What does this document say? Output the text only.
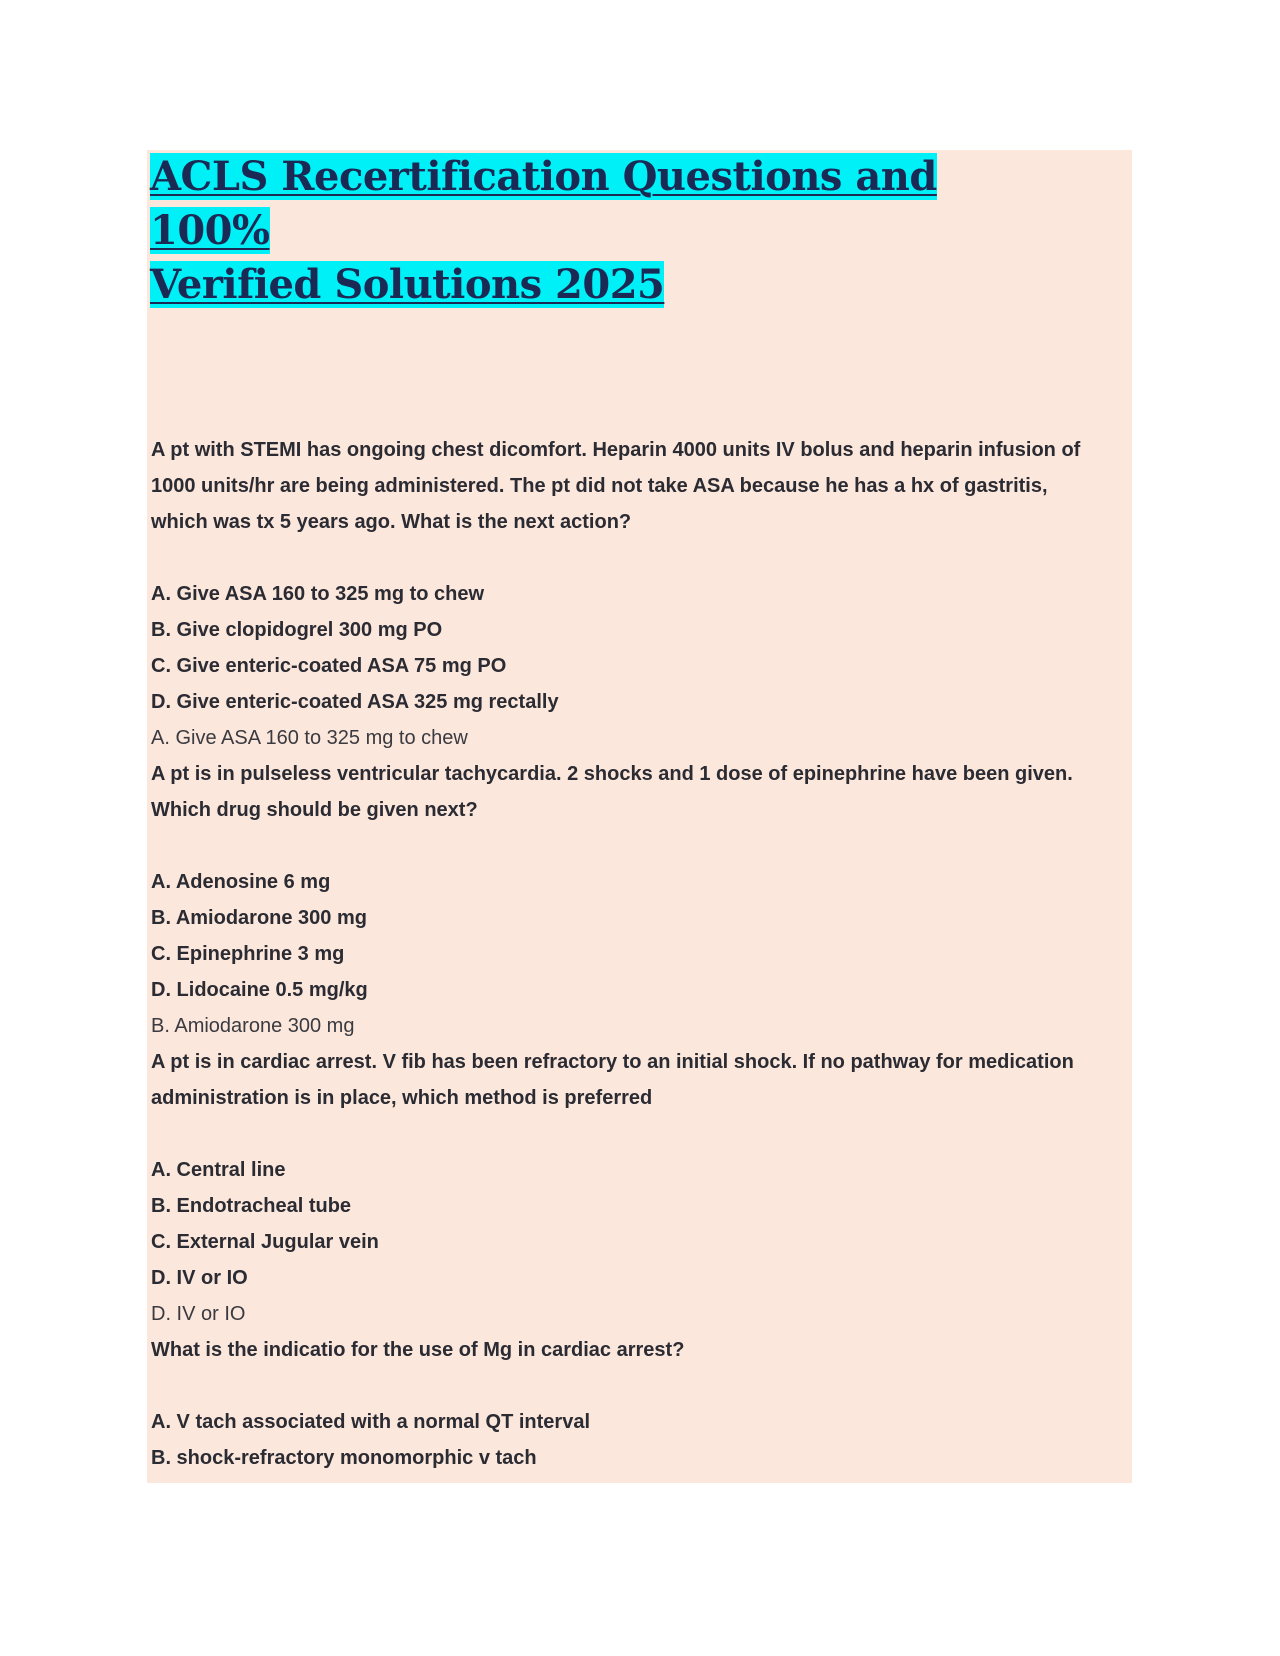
ACLS Recertification Questions and 100%
Verified Solutions 2025

A pt with STEMI has ongoing chest dicomfort. Heparin 4000 units IV bolus and heparin infusion of

1000 units/hr are being administered. The pt did not take ASA because he has a hx of gastritis,

which was tx 5 years ago. What is the next action?

A. Give ASA 160 to 325 mg to chew

B. Give clopidogrel 300 mg PO

C. Give enteric-coated ASA 75 mg PO

D. Give enteric-coated ASA 325 mg rectally

A. Give ASA 160 to 325 mg to chew

A pt is in pulseless ventricular tachycardia. 2 shocks and 1 dose of epinephrine have been given.

Which drug should be given next?

A. Adenosine 6 mg

B. Amiodarone 300 mg

C. Epinephrine 3 mg

D. Lidocaine 0.5 mg/kg

B. Amiodarone 300 mg

A pt is in cardiac arrest. V fib has been refractory to an initial shock. If no pathway for medication

administration is in place, which method is preferred

A. Central line

B. Endotracheal tube

C. External Jugular vein

D. IV or IO

D. IV or IO

What is the indicatio for the use of Mg in cardiac arrest?

A. V tach associated with a normal QT interval

B. shock-refractory monomorphic v tach
